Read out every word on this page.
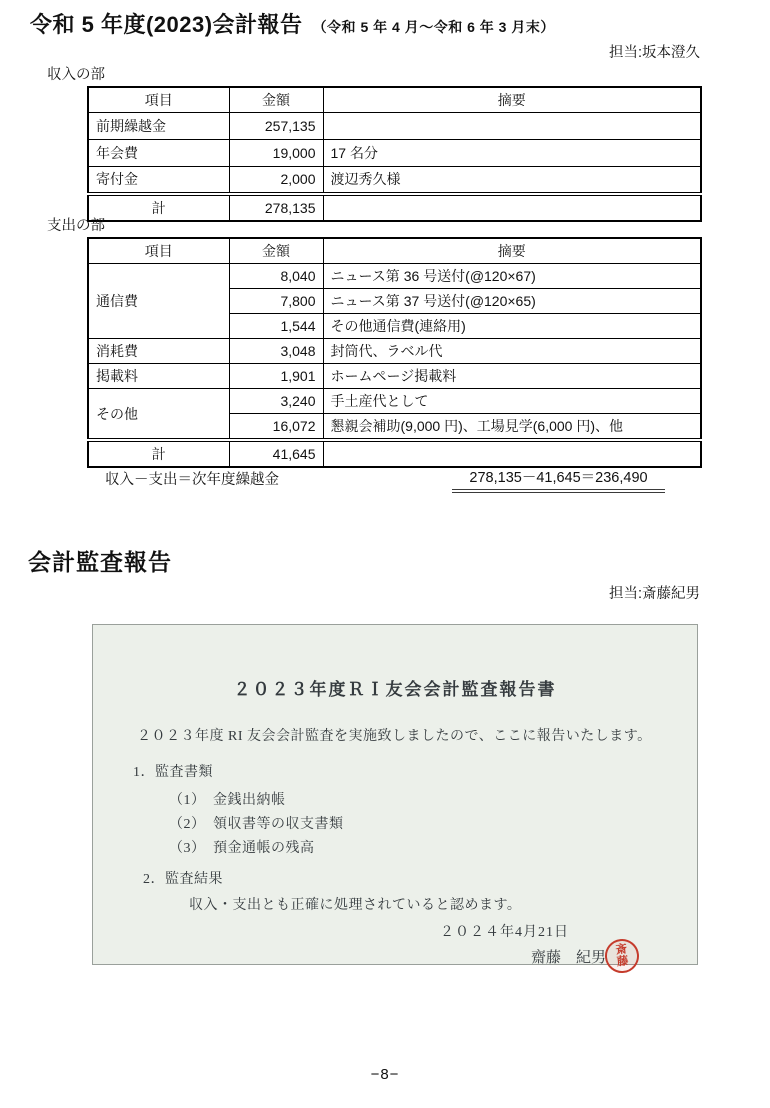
令和 5 年度(2023)会計報告 （令和 5 年 4 月～令和 6 年 3 月末）
担当:坂本澄久
収入の部
項目	金額	摘要
前期繰越金	257,135	
年会費	19,000	17 名分
寄付金	2,000	渡辺秀久様
計	278,135	
支出の部
項目	金額	摘要
通信費	8,040	ニュース第 36 号送付(@120×67)
	7,800	ニュース第 37 号送付(@120×65)
	1,544	その他通信費(連絡用)
消耗費	3,048	封筒代、ラベル代
掲載料	1,901	ホームページ掲載料
その他	3,240	手土産代として
	16,072	懇親会補助(9,000 円)、工場見学(6,000 円)、他
計	41,645	
収入－支出＝次年度繰越金	278,135－41,645＝236,490
会計監査報告
担当:斎藤紀男
２０２３年度ＲＩ友会会計監査報告書
２０２３年度 RI 友会会計監査を実施致しましたので、ここに報告いたします。
1．監査書類
（1）　金銭出納帳
（2）　領収書等の収支書類
（3）　預金通帳の残高
2．監査結果
収入・支出とも正確に処理されていると認めます。
２０２４年4月21日
齋藤　紀男
斎
藤
−8−
